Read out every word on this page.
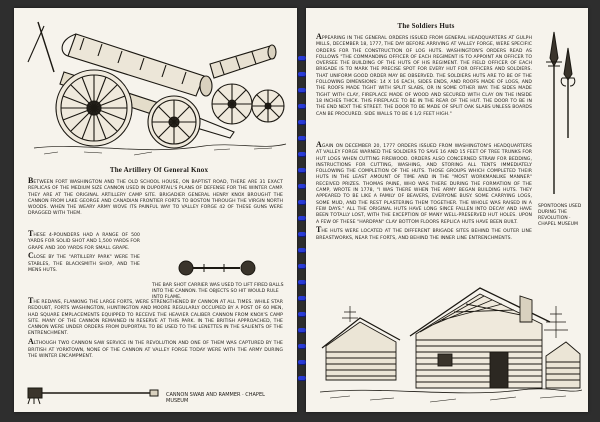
The Artillery Of General Knox

BETWEEN FORT WASHINGTON AND THE OLD SCHOOL HOUSE, ON BAPTIST ROAD, THERE ARE 31 EXACT REPLICAS OF THE MEDIUM SIZE CANNON USED IN DUPORTAIL'S PLANS OF DEFENSE FOR THE WINTER CAMP. THEY ARE AT THE ORIGINAL ARTILLERY CAMP SITE. BRIGADIER GENERAL HENRY KNOX BROUGHT THE CANNON FROM LAKE GEORGE AND CANADIAN FRONTIER FORTS TO BOSTON THROUGH THE VIRGIN NORTH WOODS. WHEN THE WEARY ARMY WOVE ITS PAINFUL WAY TO VALLEY FORGE 42 OF THESE GUNS WERE DRAGGED WITH THEM.

THESE 4-POUNDERS HAD A RANGE OF 500 YARDS FOR SOLID SHOT AND 1,500 YARDS FOR GRAPE AND 300 YARDS FOR SMALL GRAPE.

CLOSE BY THE "ARTILLERY PARK" WERE THE STABLES, THE BLACKSMITH SHOP, AND THE MENS HUTS.

THE BAR SHOT CARRIER WAS USED TO LIFT FIRED BALLS INTO THE CANNON. THE OBJECTS SO HIT WOULD RULE INTO FLAME.

THE REDANS, FLANKING THE LARGE FORTS, WERE STRENGTHENED BY CANNON AT ALL TIMES. WHILE STAR REDOUBT, FORTS WASHINGTON, HUNTINGTON AND MOORE REGULARLY OCCUPIED BY A POST OF 60 MEN, HAD SQUARE EMPLACEMENTS EQUIPPED TO RECEIVE THE HEAVIER CALIBER CANNON FROM KNOX'S CAMP SITE. MANY OF THE CANNON REMAINED IN RESERVE AT THIS PARK. IN THE BRITISH APPROACHED, THE CANNON WERE UNDER ORDERS FROM DUPORTAIL TO BE USED TO THE LENETTES IN THE SALIENTS OF THE ENTRENCHMENT.

ALTHOUGH TWO CANNON SAW SERVICE IN THE REVOLUTION AND ONE OF THEM WAS CAPTURED BY THE BRITISH AT YORKTOWN, NONE OF THE CANNON AT VALLEY FORGE TODAY WERE WITH THE ARMY DURING THE WINTER ENCAMPMENT.

CANNON SWAB AND RAMMER · CHAPEL MUSEUM
The Soldiers Huts

APPEARING IN THE GENERAL ORDERS ISSUED FROM GENERAL HEADQUARTERS AT GULPH MILLS, DECEMBER 18, 1777, THE DAY BEFORE ARRIVING AT VALLEY FORGE, WERE SPECIFIC ORDERS FOR THE CONSTRUCTION OF LOG HUTS. WASHINGTON'S ORDERS READ AS FOLLOWS "THE COMMANDING OFFICER OF EACH REGIMENT IS TO APPOINT AN OFFICER TO OVERSEE THE BUILDING OF THE HUTS OF HIS REGIMENT. THE FIELD OFFICER OF EACH BRIGADE IS TO MARK THE PRECISE SPOT FOR EVERY HUT FOR OFFICERS AND SOLDIERS. THAT UNIFORM GOOD ORDER MAY BE OBSERVED. THE SOLDIERS HUTS ARE TO BE OF THE FOLLOWING DIMENSIONS: 14 X 16 EACH, SIDES ENDS, AND ROOFS MADE OF LOGS, AND THE ROOFS MADE TIGHT WITH SPLIT SLABS, OR IN SOME OTHER WAY. THE SIDES MADE TIGHT WITH CLAY, FIREPLACE MADE OF WOOD AND SECURED WITH CLAY ON THE INSIDE 18 INCHES THICK. THIS FIREPLACE TO BE IN THE REAR OF THE HUT. THE DOOR TO BE IN THE END NEXT THE STREET. THE DOOR TO BE MADE OF SPLIT OAK SLABS UNLESS BOARDS CAN BE PROCURED. SIDE WALLS TO BE 6 1/2 FEET HIGH."

AGAIN ON DECEMBER 20, 1777 ORDERS ISSUED FROM WASHINGTON'S HEADQUARTERS AT VALLEY FORGE WARNED THE SOLDIERS TO SAVE 16 AND 15 FEET OF TREE TRUNKS FOR HUT LOGS WHEN CUTTING FIREWOOD. ORDERS ALSO CONCERNED STRAW FOR BEDDING, INSTRUCTIONS FOR CUTTING, WASHING, AND STORING ALL TENTS IMMEDIATELY FOLLOWING THE COMPLETION OF THE HUTS. THOSE GROUPS WHICH COMPLETED THEIR HUTS IN THE LEAST AMOUNT OF TIME AND IN THE "MOST WORKMANLIKE MANNER" RECEIVED PRIZES. THOMAS PAINE, WHO WAS THERE DURING THE FORMATION OF THE CAMP, WROTE IN 1778, "I WAS THERE WHEN THE ARMY BEGAN BUILDING HUTS. THEY APPEARED TO BE LIKE A FAMILY OF BEAVERS, EVERYONE BUSY. SOME CARRYING LOGS, SOME MUD, AND THE REST PLASTERING THEM TOGETHER. THE WHOLE WAS RAISED IN A FEW DAYS." ALL THE ORIGINAL HUTS HAVE LONG SINCE FALLEN INTO DECAY AND HAVE BEEN TOTALLY LOST, WITH THE EXCEPTION OF MANY WELL-PRESERVED HUT HOLES. UPON A FEW OF THESE "HARDPAN" CLAY BOTTOM FLOORS REPLICA HUTS HAVE BEEN BUILT.

THE HUTS WERE LOCATED AT THE DIFFERENT BRIGADE SITES BEHIND THE OUTER LINE BREASTWORKS, NEAR THE FORTS, AND BEHIND THE INNER LINE ENTRENCHMENTS.

SPONTOONS USED DURING THE REVOLUTION · CHAPEL MUSEUM
